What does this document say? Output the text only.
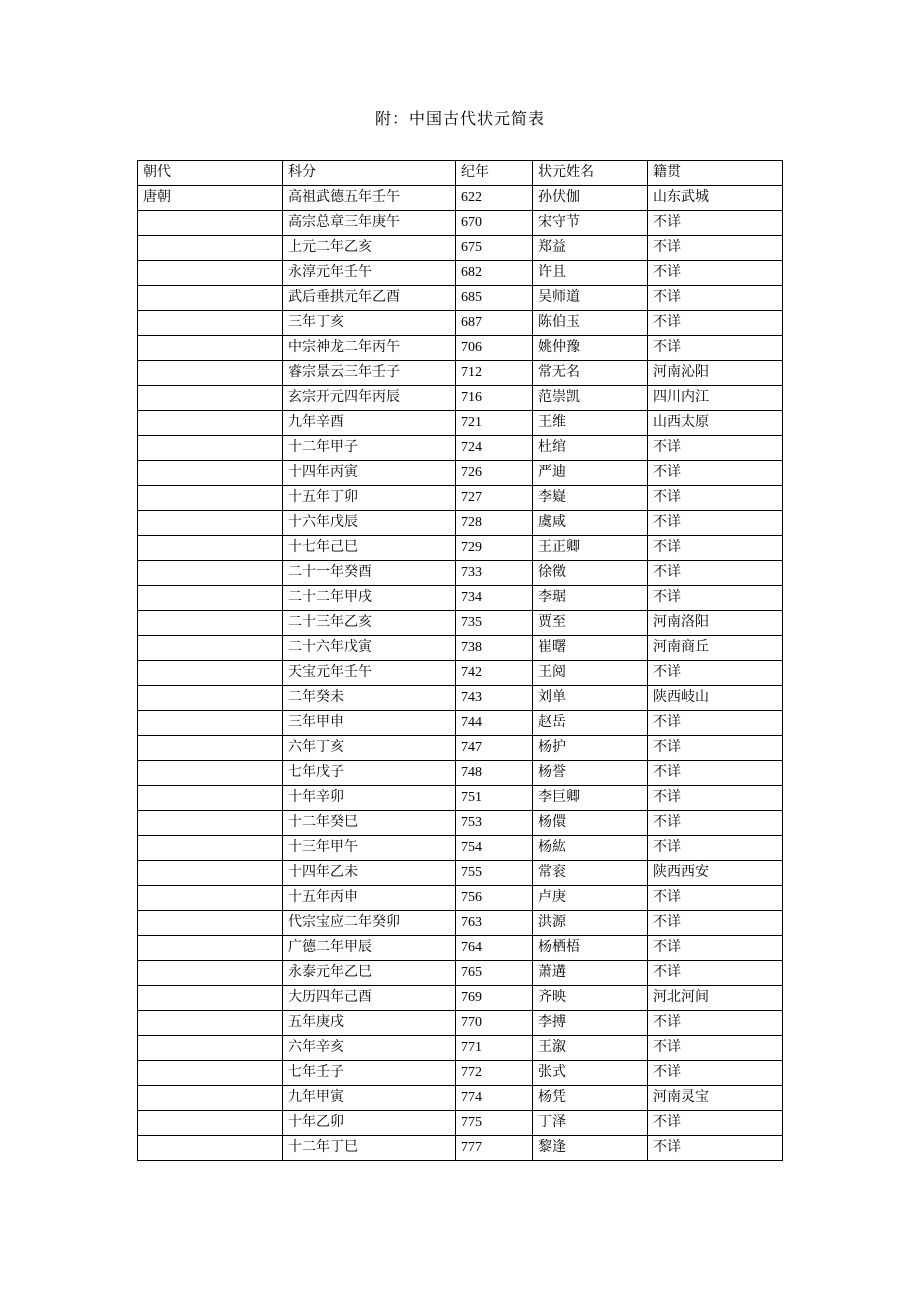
附：中国古代状元简表
朝代	科分	纪年	状元姓名	籍贯
唐朝	高祖武德五年壬午	622	孙伏伽	山东武城
	高宗总章三年庚午	670	宋守节	不详
	上元二年乙亥	675	郑益	不详
	永淳元年壬午	682	许且	不详
	武后垂拱元年乙酉	685	吴师道	不详
	三年丁亥	687	陈伯玉	不详
	中宗神龙二年丙午	706	姚仲豫	不详
	睿宗景云三年壬子	712	常无名	河南沁阳
	玄宗开元四年丙辰	716	范崇凯	四川内江
	九年辛酉	721	王维	山西太原
	十二年甲子	724	杜绾	不详
	十四年丙寅	726	严迪	不详
	十五年丁卯	727	李嶷	不详
	十六年戊辰	728	虞咸	不详
	十七年己巳	729	王正卿	不详
	二十一年癸酉	733	徐徵	不详
	二十二年甲戌	734	李琚	不详
	二十三年乙亥	735	贾至	河南洛阳
	二十六年戊寅	738	崔曙	河南商丘
	天宝元年壬午	742	王阅	不详
	二年癸未	743	刘单	陕西岐山
	三年甲申	744	赵岳	不详
	六年丁亥	747	杨护	不详
	七年戊子	748	杨誉	不详
	十年辛卯	751	李巨卿	不详
	十二年癸巳	753	杨儇	不详
	十三年甲午	754	杨紘	不详
	十四年乙未	755	常衮	陕西西安
	十五年丙申	756	卢庚	不详
	代宗宝应二年癸卯	763	洪源	不详
	广德二年甲辰	764	杨栖梧	不详
	永泰元年乙巳	765	萧遘	不详
	大历四年己酉	769	齐映	河北河间
	五年庚戌	770	李搏	不详
	六年辛亥	771	王溆	不详
	七年壬子	772	张式	不详
	九年甲寅	774	杨凭	河南灵宝
	十年乙卯	775	丁泽	不详
	十二年丁巳	777	黎逢	不详
